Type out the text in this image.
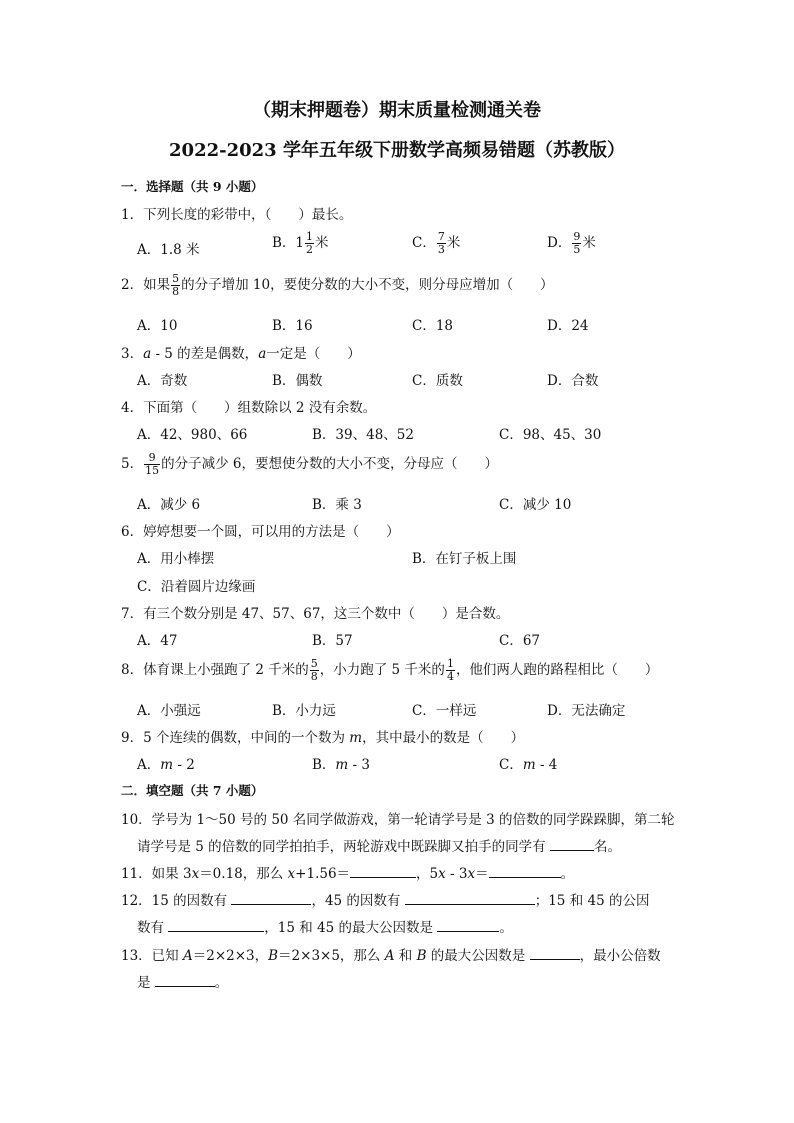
（期末押题卷）期末质量检测通关卷
2022-2023 学年五年级下册数学高频易错题（苏教版）
一．选择题（共 9 小题）
1．下列长度的彩带中，（　　）最长。
A．1.8 米	B．$1 \frac{1}{2}$ 米	C． $\frac{7}{3}$ 米	D． $\frac{9}{5}$ 米
2．如果 $\frac{5}{8}$ 的分子增加 10，要使分数的大小不变，则分母应增加（　　）
A．10	B．16	C．18	D．24
3．a - 5 的差是偶数，a一定是（　　）
A．奇数	B．偶数	C．质数	D．合数
4．下面第（　　）组数除以 2 没有余数。
A．42、980、66	B．39、48、52	C．98、45、30
5． $\frac{9}{15}$ 的分子减少 6，要想使分数的大小不变，分母应（　　）
A．减少 6	B．乘 3	C．减少 10
6．婷婷想要一个圆，可以用的方法是（　　）
A．用小棒摆	B．在钉子板上围
C．沿着圆片边缘画
7．有三个数分别是 47、57、67，这三个数中（　　）是合数。
A．47	B．57	C．67
8．体育课上小强跑了 2 千米的 $\frac{5}{8}$ ，小力跑了 5 千米的 $\frac{1}{4}$ ，他们两人跑的路程相比（　　）
A．小强远	B．小力远	C．一样远	D．无法确定
9．5 个连续的偶数，中间的一个数为 m，其中最小的数是（　　）
A．m - 2	B．m - 3	C．m - 4
二．填空题（共 7 小题）
10．学号为 1～50 号的 50 名同学做游戏，第一轮请学号是 3 的倍数的同学跺跺脚，第二轮
请学号是 5 的倍数的同学拍拍手，两轮游戏中既跺脚又拍手的同学有	名。
11．如果 3x＝0.18，那么 x+1.56＝	，5x - 3x＝	。
12．15 的因数有	，45 的因数有	；15 和 45 的公因
数有	，15 和 45 的最大公因数是	。
13．已知 A＝2×2×3，B＝2×3×5，那么 A 和 B 的最大公因数是	，最小公倍数
是	。
